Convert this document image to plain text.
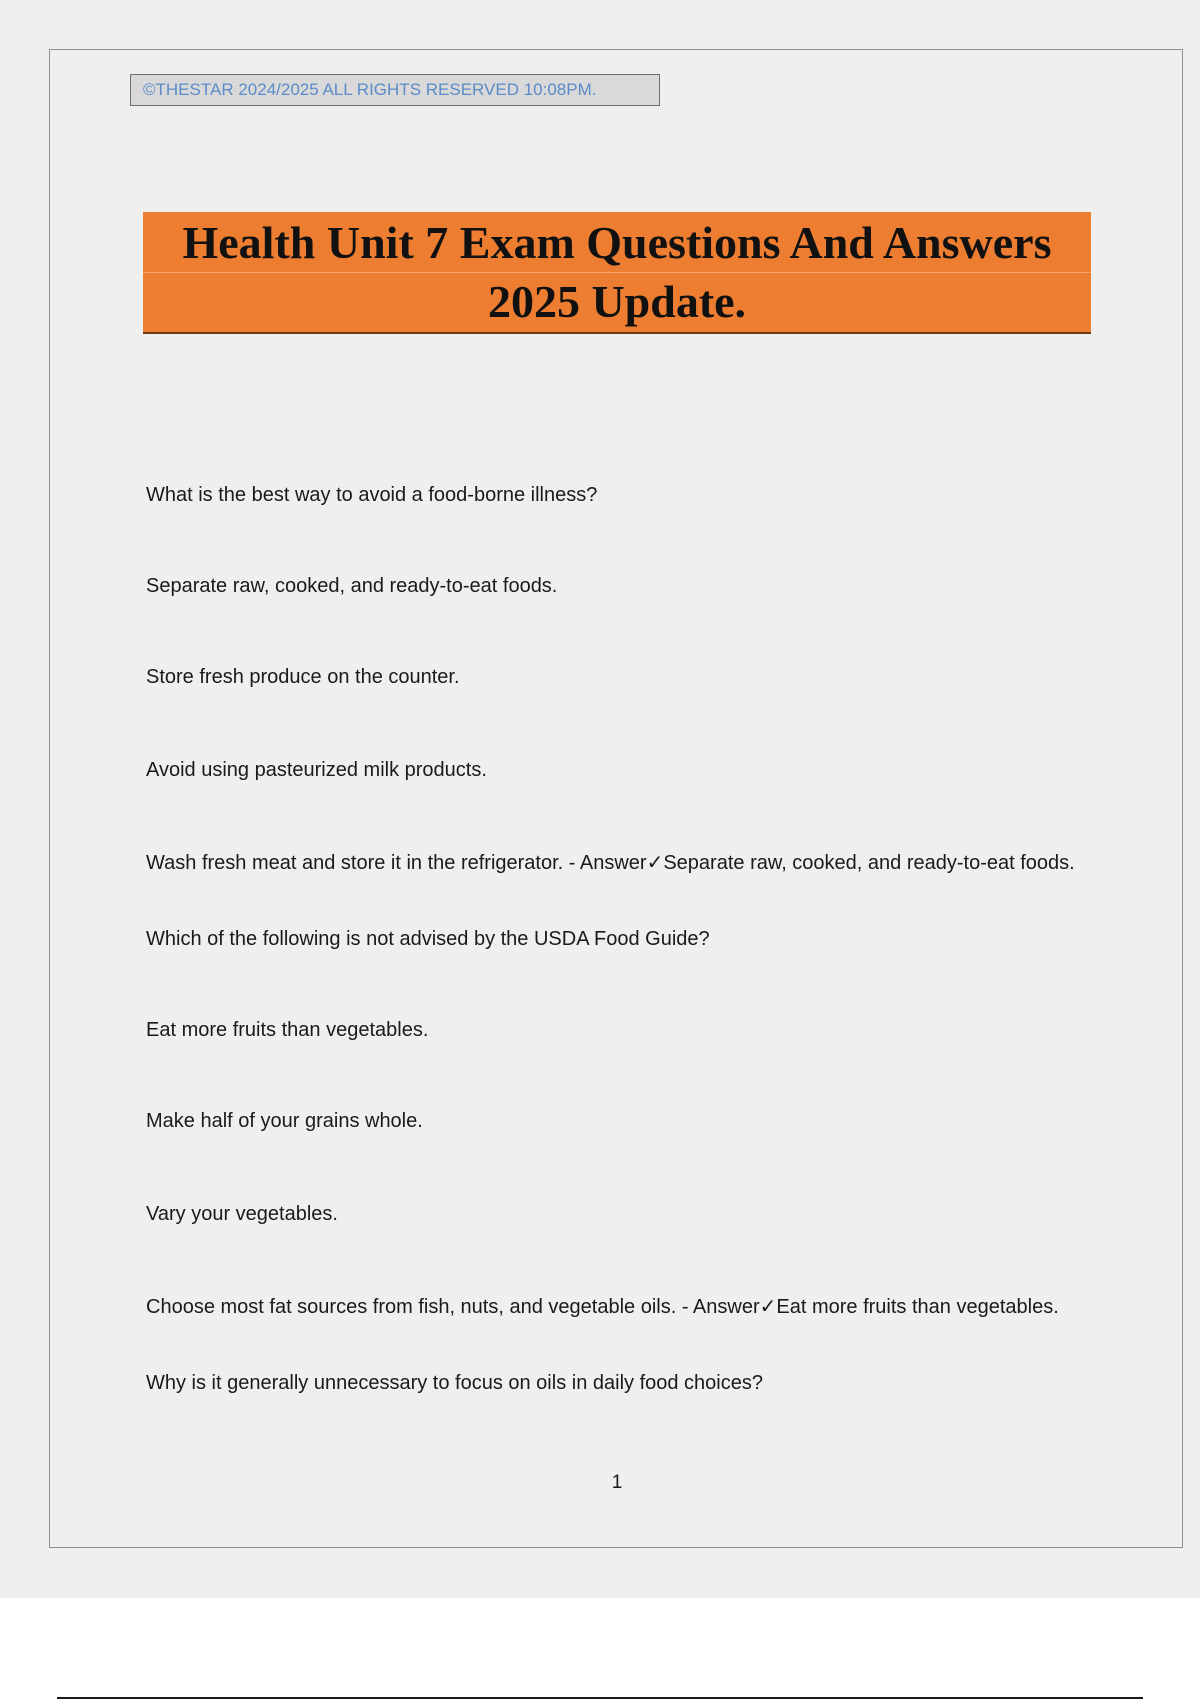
©THESTAR 2024/2025 ALL RIGHTS RESERVED 10:08PM.
Health Unit 7 Exam Questions And Answers
2025 Update.
What is the best way to avoid a food-borne illness?
Separate raw, cooked, and ready-to-eat foods.
Store fresh produce on the counter.
Avoid using pasteurized milk products.
Wash fresh meat and store it in the refrigerator. - Answer✓Separate raw, cooked, and ready-to-eat foods.
Which of the following is not advised by the USDA Food Guide?
Eat more fruits than vegetables.
Make half of your grains whole.
Vary your vegetables.
Choose most fat sources from fish, nuts, and vegetable oils. - Answer✓Eat more fruits than vegetables.
Why is it generally unnecessary to focus on oils in daily food choices?
1
